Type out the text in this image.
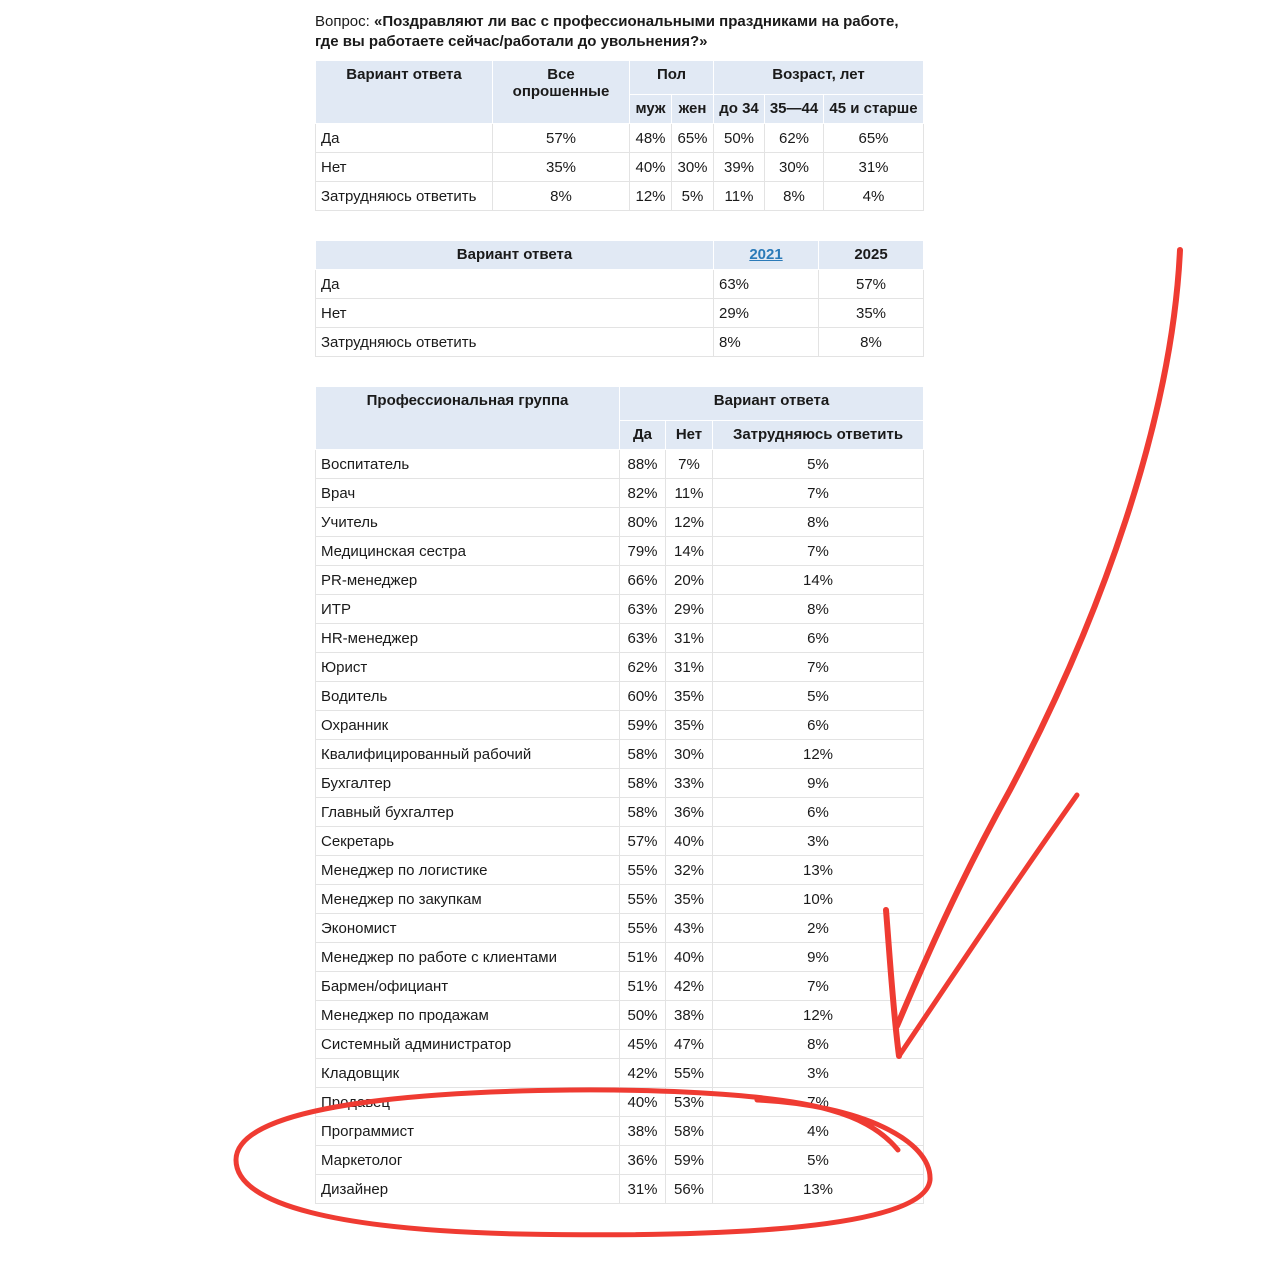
Вопрос: «Поздравляют ли вас с профессиональными праздниками на работе, где вы работаете сейчас/работали до увольнения?»

Вариант ответа	Все опрошенные	Пол		Возраст, лет		
		муж	жен	до 34	35—44	45 и старше
Да	57%	48%	65%	50%	62%	65%
Нет	35%	40%	30%	39%	30%	31%
Затрудняюсь ответить	8%	12%	5%	11%	8%	4%
Вариант ответа	2021	2025
Да	63%	57%
Нет	29%	35%
Затрудняюсь ответить	8%	8%
Профессиональная группа	Вариант ответа		
	Да	Нет	Затрудняюсь ответить
Воспитатель	88%	7%	5%
Врач	82%	11%	7%
Учитель	80%	12%	8%
Медицинская сестра	79%	14%	7%
PR-менеджер	66%	20%	14%
ИТР	63%	29%	8%
HR-менеджер	63%	31%	6%
Юрист	62%	31%	7%
Водитель	60%	35%	5%
Охранник	59%	35%	6%
Квалифицированный рабочий	58%	30%	12%
Бухгалтер	58%	33%	9%
Главный бухгалтер	58%	36%	6%
Секретарь	57%	40%	3%
Менеджер по логистике	55%	32%	13%
Менеджер по закупкам	55%	35%	10%
Экономист	55%	43%	2%
Менеджер по работе с клиентами	51%	40%	9%
Бармен/официант	51%	42%	7%
Менеджер по продажам	50%	38%	12%
Системный администратор	45%	47%	8%
Кладовщик	42%	55%	3%
Продавец	40%	53%	7%
Программист	38%	58%	4%
Маркетолог	36%	59%	5%
Дизайнер	31%	56%	13%
